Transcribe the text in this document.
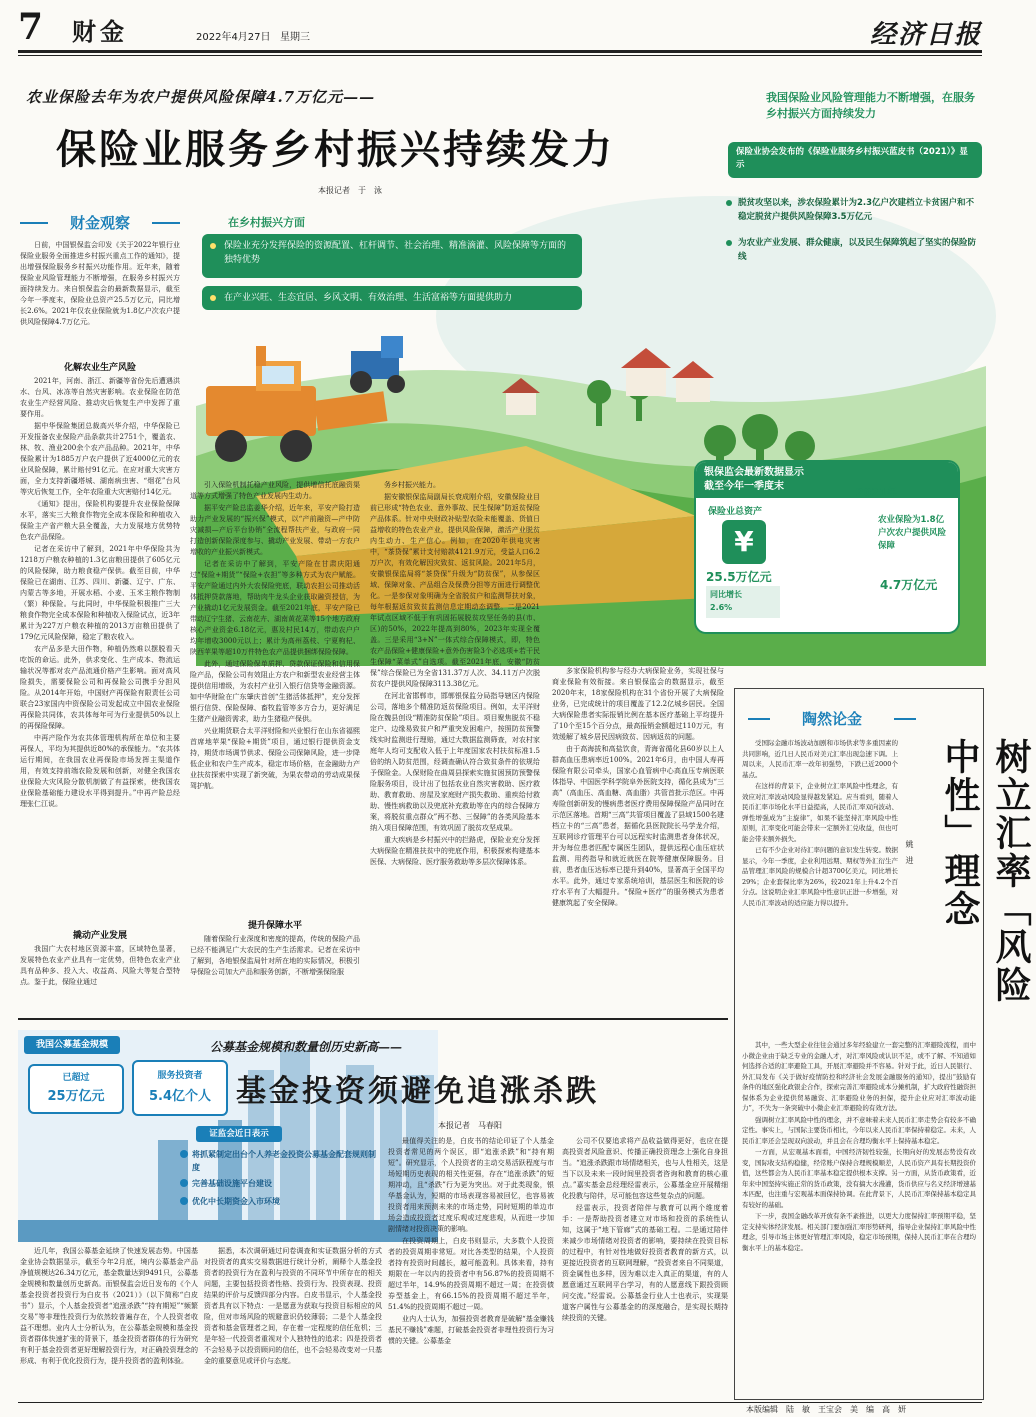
7 财金	2022年4月27日 星期三	经济日报
农业保险去年为农户提供风险保障4.7万亿元——
保险业服务乡村振兴持续发力
本报记者　于　泳
财金观察	在乡村振兴方面
保险业充分发挥保险的资源配置、杠杆调节、社会治理、精准滴灌、风险保障等方面的独特优势
在产业兴旺、生态宜居、乡风文明、有效治理、生活富裕等方面提供助力
我国保险业风险管理能力不断增强，在服务乡村振兴方面持续发力
保险业协会发布的《保险业服务乡村振兴蓝皮书（2021）》显示
脱贫攻坚以来，涉农保险累计为2.3亿户次建档立卡贫困户和不稳定脱贫户提供风险保障3.5万亿元
为农业产业发展、群众健康，以及民生保障筑起了坚实的保险防线
银保监会最新数据显示
截至今年一季度末	2021年
保险业总资产
¥
25.5万亿元
同比增长
2.6%
农业保险为1.8亿户次农户提供风险保障
4.7万亿元

日前，中国银保监会印发《关于2022年银行业保险业服务全面推进乡村振兴重点工作的通知》，提出增强保险服务乡村振兴功能作用。近年来，随着保险业风险管理能力不断增强，在服务乡村振兴方面持续发力。来自银保监会的最新数据显示，截至今年一季度末，保险业总资产25.5万亿元，同比增长2.6%。2021年仅农业保险就为1.8亿户次农户提供风险保障4.7万亿元。

化解农业生产风险

2021年，河南、浙江、新疆等省份先后遭遇洪水、台风、冰冻等自然灾害影响。农业保险在防范农业生产经营风险、推动灾后恢复生产中发挥了重要作用。

据中华保险集团总裁高兴华介绍，中华保险已开发报备农业保险产品条款共计2751个，覆盖农、林、牧、渔业200余个农产品品种。2021年，中华保险累计为1885万户农户提供了近4000亿元的农业风险保障，累计赔付91亿元。在应对重大灾害方面，全力支持新疆塔城、湖南病虫害、“烟花”台风等灾后恢复工作，全年农险重大灾害赔付14亿元。

《通知》提出，保险机构要提升农业保险保障水平，落实三大粮食作物完全成本保险和种植收入保险主产省产粮大县全覆盖，大力发展地方优势特色农产品保险。

记者在采访中了解到，2021年中华保险共为1218万户粮农种植的1.3亿亩粮田提供了605亿元的风险保障，助力粮食稳产保供。截至目前，中华保险已在湖南、江苏、四川、新疆、辽宁、广东、内蒙古等多地，开展水稻、小麦、玉米主粮作物制（繁）种保险。与此同时，中华保险积极推广三大粮食作物完全成本保险和种植收入保险试点，近3年累计为227万户粮农种植的2013万亩粮田提供了179亿元风险保障，稳定了粮农收入。

农产品多是大田作物，种植仍然难以摆脱看天吃饭的命运。此外，供求变化、生产成本、物流运输状况等都对农产品流通价格产生影响。面对高风险损失，需要保险公司和再保险公司携手分担风险。从2014年开始，中国财产再保险有限责任公司联合23家国内中资保险公司发起成立中国农业保险再保险共同体，农共体每年可为行业提供50%以上的再保险保障。

中再产险作为农共体管理机构所在单位和主要再保人，平均为其提供近80%的承保能力。“农共体运行期间，在我国农业再保险市场发挥主渠道作用，有效支持前端农险发展和创新，对健全我国农业保险大灾风险分散机制做了有益探索，使我国农业保险基础能力建设水平得到提升。”中再产险总经理张仁江说。

撬动产业发展

我国广大农村地区资源丰富，区域特色显著，发展特色农业产业具有一定优势，但特色农业产业具有品种多、投入大、收益高、风险大等复合型特点。鉴于此，保险业通过

引入保险机制托稳产业风险，提供增信托底融资渠道等方式增强了特色产业发展内生动力。

据平安产险总监姜华介绍，近年来，平安产险打造助力产业发展的“振兴保”模式，以“产前融资—产中防灾减损—产后平台协销”全流程帮扶产业，与政府一同打造创新保险深度参与、撬动产业发展、带动一方农户增收的产业振兴新模式。

记者在采访中了解到，平安产险在甘肃庆阳通过“保险+期货”“保险+农担”等多种方式为农户赋能。平安产险通过内外大农保险兜底，联动农担公司推动活体抵押贷款落地，帮助肉牛龙头企业获取融资授信，为产业撬动1亿元发展资金。截至2021年底，平安产险已带动辽宁生猪、云南花卉、湖南黄花菜等15个地方政府核心产业资金6.18亿元，惠及村民14万，带动农户户均年增收3000元以上；累计为高州荔枝、宁夏枸杞、陕西苹果等超10万件特色农产品提供捆绑保险保障。

此外，通过保险保单质押、贷款保证保险和信用保险产品，保险公司有效阻止方农户和新型农业经营主体提供信用增级，为农村产业引入银行信贷等金融资源。如中华财险在广东肇庆首创“生猪活体抵押”，充分发挥银行信贷、保险保障、畜牧监管等多方合力，更好满足生猪产业融资需求，助力生猪稳产保供。

兴业期货联合太平洋财险和兴业银行在山东省福熙首席地苹果“保险+期货”项目，通过银行提供资金支持，期货市场调节供求、保险公司保障风险，进一步降低企业和农户生产成本，稳定市场价格，在金融助力产业扶贫探索中实现了新突破，为果农带动的劳动成果保驾护航。

提升保障水平

随着保险行业深度和密度的提高，传统的保险产品已经不能满足广大农民的生产生活需求。记者在采访中了解到，各地银保监局针对所在地的实际情况，积极引导保险公司加大产品和服务创新，不断增强保险服

务乡村振兴能力。

据安徽银保监局副局长衰成刚介绍，安徽保险业目前已形成“特色农业、意外事故、民生保障”防返贫保险产品体系。针对中央财政补贴型农险未能覆盖、货值日益增收的特色农业产业，提供风险保障，激活产业脱贫内生动力、生产信心。例如，在2020年供电灾害中，“茶贷保”累计支付赔款4121.9万元，受益人口6.2万户次，有效化解因灾致贫、返贫风险。2021年5月，安徽银保监局将“茶贷保”升级为“防贫保”，从参保区域、保障对象、产品组合及保费分担等方面进行调整优化。一是参保对象明确为全省脱贫户和监测帮扶对象，每年根据返贫致贫监测信息定期动态调整。二是2021年试点区域不低于有巩固拓展脱贫攻坚任务的县(市、区)的50%，2022年提高到80%，2023年实现全覆盖。三是采用“3+N”一体式综合保障模式，即，特色农产品保险+健康保险+意外伤害险3个必选项+若干民生保障“菜单式”自选项。截至2021年底，安徽“防贫保”综合保险已为全省131.37万人次、34.11万户次脱贫农户提供风险保障3113.38亿元。

在河北省邯郸市，邯郸银保监分局指导辖区内保险公司，落地多个精准防返贫保险项目。例如，太平洋财险在魏县创设“精准防贫保险”项目。项目聚焦脱贫不稳定户、边缘易致贫户和严重突发困难户，按照防贫预警线实时监测进行理赔，通过大数据监测筛查，对农村家庭年人均可支配收入低于上年度国家农村扶贫标准1.5倍的纳入防贫范围，经调查确认符合致贫条件的依规给予保险金。人保财险在曲周县探索实施贫困预防预警保险服务项目，设计出了包括农业自然灾害救助、医疗救助、教育救助、房屋及家庭财产损失救助、重疾给付救助、慢性病救助以及兜底补充救助等在内的综合保障方案，将脱贫重点群众”两不愁、三保障”的各类风险基本纳入项目保障范围，有效巩固了脱贫攻坚成果。

重大疾病是乡村振兴中的拦路虎，保险业充分发挥大病保险在精准扶贫中的兜底作用，积极探索构建基本医保、大病保险、医疗服务救助等多层次保障体系。

多家保险机构参与经办大病保险业务，实现社保与商业保险有效衔接。来自银保监会的数据显示，截至2020年末，18家保险机构在31个省份开展了大病保险业务，已完成统计的项目覆盖了12.2亿城乡居民。全国大病保险患者实际报销比例在基本医疗基础上平均提升了10个至15个百分点，最高报销金额超过110万元，有效缓解了城乡居民因病致贫、因病返贫的问题。

由于高海拔和高盐饮食，青海省循化县60岁以上人群高血压患病率近100%。2021年6月，由中国人寿再保险有限公司牵头，国家心血管病中心高血压专病医联体指导、中国医学科学院阜外医院支持，循化县成为“三高”（高血压、高血糖、高血脂）共管首批示范区。中再寿险创新研发的慢病患者医疗费用保障保险产品同时在示范区落地。首期“三高”共管项目覆盖了县域1500名建档立卡的“三高”患者，据循化县医院院长马学龙介绍，互联网诊疗管理平台可以远程实时监测患者身体状况，并为每位患者匹配专属医生团队，提供远程心血压症状监测、用药指导和就近就医在院等健康保障服务。目前，患者血压达标率已提升到40%，显著高于全国平均水平。此外，通过专家系统培训，基层医生和医院的诊疗水平有了大幅提升。“保险+医疗”的服务模式为患者健康筑起了安全保障。

陶然论金
树立汇率「风险中性」理念
姚　进

受国际金融市场波动加剧和市场供求等多重因素的共同影响，近几日人民币对美元汇率出现急速下调。上周以来，人民币汇率一改年初强势，下跌已近2000个基点。

在这样的背景下，企业树立汇率风险中性理念，有效应对汇率波动风险显得越发紧迫。应当看到，随着人民币汇率市场化水平日益提高，人民币汇率双向波动、弹性增强成为“主旋律”，如果不能坚持汇率风险中性原则，汇率变化可能会带来一定额外汇兑收益，但也可能会带来额外损失。

已有不少企业对待汇率问题的意识发生转变。数据显示，今年一季度，企业利用远期、期权等外汇衍生产品管理汇率风险的规模合计超3700亿美元，同比增长29%；企业套保比率为26%，较2021年上升4.2个百分点。这说明企业汇率风险中性意识正进一步增强，对人民币汇率波动的适应能力得以提升。

其中，一些大型企业往往会通过多年经验建立一套完整的汇率避险流程，而中小微企业由于缺乏专业的金融人才，对汇率风险或认识不足，或不了解、不知道如何选择合适的汇率避险工具，开展汇率避险并不容易。针对于此，近日人民银行、外汇局发布《关于做好疫情防控和经济社会发展金融服务的通知》，提出“鼓励有条件的地区强化政银企合作，探索完善汇率避险成本分摊机制，扩大政府性融资担保体系为企业提供贸易融资、汇率避险业务的担保，提升企业应对汇率波动能力”，不失为一条突破中小微企业汇率避险的有效方法。

强调树立汇率风险中性的理念，并不意味着未来人民币汇率走势会有较多不确定性。事实上，与国际主要货币相比，今年以来人民币汇率保持着稳定。未来，人民币汇率还会呈现双向波动，并且会在合理均衡水平上保持基本稳定。

一方面，从宏观基本面看，中国经济韧性较强，长期向好的发展态势没有改变，国际收支结构稳健，经常账户保持合理规模顺差，人民币资产具有长期投资价值，这些都会为人民币汇率基本稳定提供根本支撑。另一方面，从货币政策看，近年来中国坚持实施正常的货币政策，没有搞大水漫灌，货币供应与名义经济增速基本匹配，也注重与宏观基本面保持协调。在此背景下，人民币汇率保持基本稳定具有较好的基础。

下一步，我国金融改革开放有条不紊推进，以更大力度保持汇率预期平稳，坚定支持实体经济发展。相关部门要加强汇率形势研判，指导企业保持汇率风险中性理念，引导市场主体更好管理汇率风险，稳定市场预期，保持人民币汇率在合理均衡水平上的基本稳定。

我国公募基金规模
已超过
25万亿元
服务投资者
5.4亿个人
证监会近日表示
将抓紧制定出台个人养老金投资公募基金配套规则制度
完善基础设施平台建设
优化中长期资金入市环境
公募基金规模和数量创历史新高——
基金投资须避免追涨杀跌
本报记者　马春阳

近几年，我国公募基金延续了快速发展态势。中国基金业协会数据显示，截至今年2月底，境内公募基金产品净值规模达26.34万亿元，基金数量达到9491只，公募基金规模和数量创历史新高。而银保监会近日发布的《个人基金投资者投资行为白皮书（2021）》（以下简称“白皮书”）显示，个人基金投资者“追涨杀跌”“持有期短”“频繁交易”等非理性投资行为依然较普遍存在，个人投资者收益不理想。业内人士分析认为，在公募基金规模和基金投资者群体快速扩张的背景下，基金投资者群体的行为研究有利于基金投资者更好理解投资行为，对正确投资理念的形成、有利于优化投资行为，提升投资者的盈利体验。

据悉，本次调研通过问卷调查和实证数据分析的方式对投资者的真实交易数据进行统计分析，阐释个人基金投资者的投资行为在盈利与投资的不同环节中所存在的相关问题，主要包括投资者性格、投资行为、投资表现、投资结果的评价与反馈四部分内容。白皮书显示，个人基金投资者具有以下特点：一是愿意为获取与投资目标相应的风险，但对市场风险的规避意识仍较薄弱；二是个人基金投资者和基金管理者之间，存在着一定程度的信任危机；三是年轻一代投资者重视对个人独特性的追求；四是投资者不会轻易予以投资顾问的信任，也不会轻易改变对一只基金的重要意见或评价与态度。

最值得关注的是，白皮书的结论印证了个人基金投资者常见的两个误区，即“追涨杀跌”和“持有期短”。研究显示，个人投资者的主动交易活跃程度与市场短期历史表现的相关性更强，存在“追涨杀跌”的短期冲动，且“杀跌”行为更为突出。对于此类现象，银华基金认为，短期的市场表现容易被回忆，也容易被投资者用来预测未来的市场走势，同时短期的单边市场会造成投资者过度乐观或过度悲观，从而进一步加剧情绪对投资决策的影响。

在投资周期上，白皮书则显示，大多数个人投资者的投资周期非常短。对比各类型的结果，个人投资者持有投资时间越长，越可能盈利。具体来看，持有期限在一年以内的投资者中有56.87%的投资周期不超过半年，14.9%的投资周期不超过一周；在投资债券型基金上，有66.15%的投资周期不超过半年，51.4%的投资周期不超过一周。

业内人士认为，加强投资者教育是破解“基金赚钱基民不赚钱”难题，打破基金投资者非理性投资行为习惯的关键。公募基金

公司不仅要追求将产品收益做得更好，也应在提高投资者风险意识、传播正确投资理念上强化自身担当。“追涨杀跌跟市场情绪相关，也与人性相关，这是当下以及未来一段时间里投资者咨询和教育的核心重点。”嘉实基金总经理经雷表示，公募基金应开展精细化投教与陪伴，尽可能包容这些复杂点的问题。

经雷表示，投资者陪伴与教育可以两个维度着手：一是帮助投资者建立对市场和投资的系统性认知，这属于“地下管廊”式的基础工程。二是通过陪伴来减少市场情绪对投资者的影响，要持续在投资目标的过程中，有针对性地做好投资者教育的新方式，以更接近投资者的互联网理解，“投资者来自不同渠道，资金属性也多样，因为难以走入真正的渠道，有的人愿意通过互联网平台学习，有的人愿意线下跟投资顾问交流。”经雷说。公募基金行业人士也表示，实现渠道客户属性与公募基金的的深度融合，是实现长期持续投资的关键。

本版编辑　陆　敏　王宝会　美　编　高　妍
